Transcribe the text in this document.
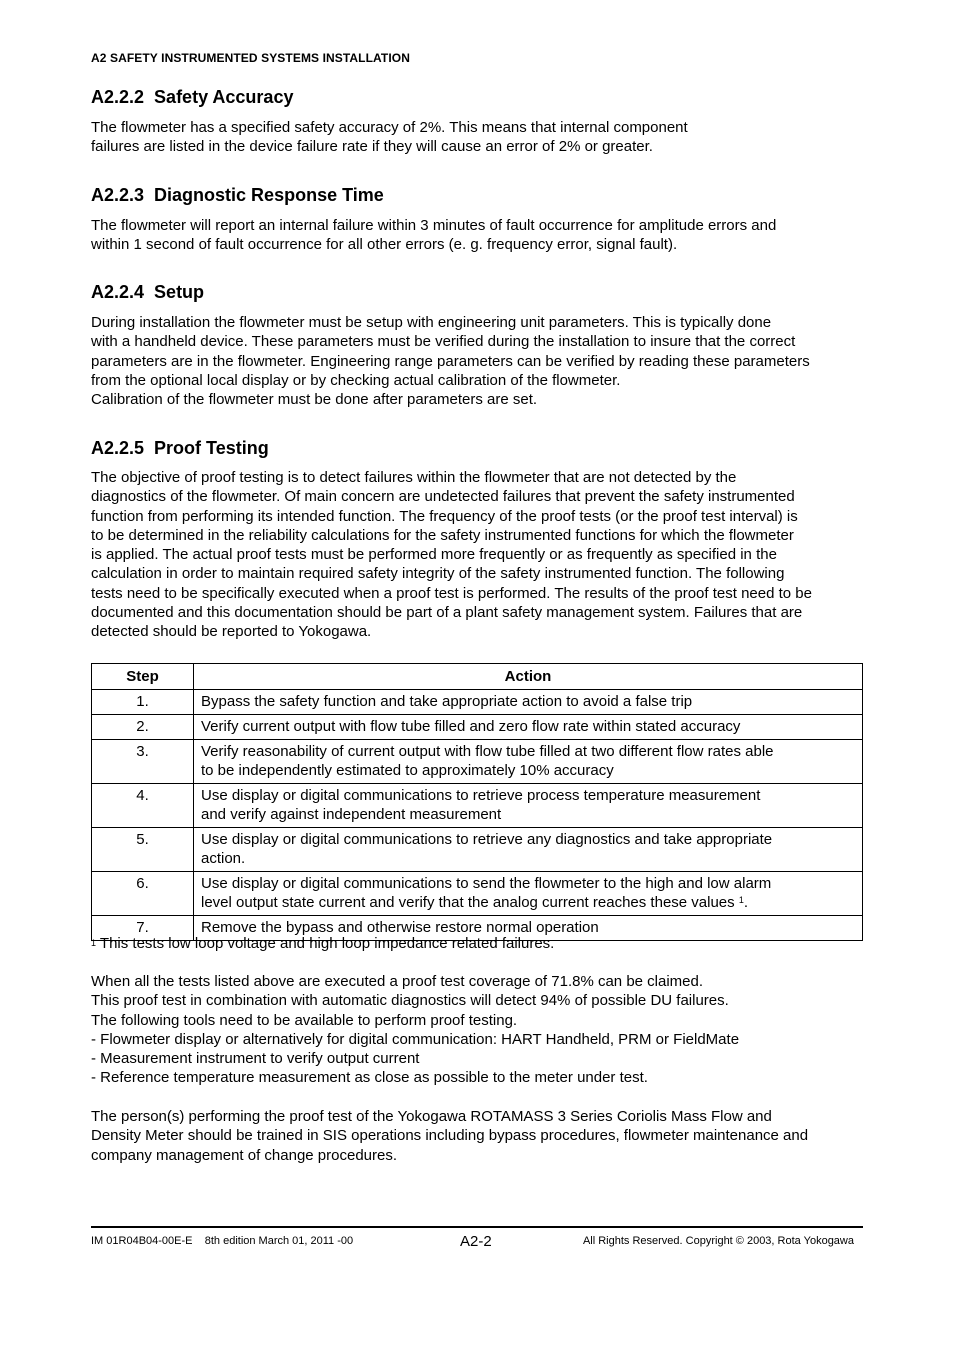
A2 SAFETY INSTRUMENTED SYSTEMS INSTALLATION
A2.2.2 Safety Accuracy

The flowmeter has a specified safety accuracy of 2%. This means that internal component
failures are listed in the device failure rate if they will cause an error of 2% or greater.

A2.2.3 Diagnostic Response Time

The flowmeter will report an internal failure within 3 minutes of fault occurrence for amplitude errors and
within 1 second of fault occurrence for all other errors (e. g. frequency error, signal fault).

A2.2.4 Setup

During installation the flowmeter must be setup with engineering unit parameters. This is typically done
with a handheld device. These parameters must be verified during the installation to insure that the correct
parameters are in the flowmeter. Engineering range parameters can be verified by reading these parameters
from the optional local display or by checking actual calibration of the flowmeter.
Calibration of the flowmeter must be done after parameters are set.

A2.2.5 Proof Testing

The objective of proof testing is to detect failures within the flowmeter that are not detected by the
diagnostics of the flowmeter. Of main concern are undetected failures that prevent the safety instrumented
function from performing its intended function. The frequency of the proof tests (or the proof test interval) is
to be determined in the reliability calculations for the safety instrumented functions for which the flowmeter
is applied. The actual proof tests must be performed more frequently or as frequently as specified in the
calculation in order to maintain required safety integrity of the safety instrumented function. The following
tests need to be specifically executed when a proof test is performed. The results of the proof test need to be
documented and this documentation should be part of a plant safety management system. Failures that are
detected should be reported to Yokogawa.

Step	Action
1.	Bypass the safety function and take appropriate action to avoid a false trip
2.	Verify current output with flow tube filled and zero flow rate within stated accuracy
3.	Verify reasonability of current output with flow tube filled at two different flow rates able
to be independently estimated to approximately 10% accuracy
4.	Use display or digital communications to retrieve process temperature measurement
and verify against independent measurement
5.	Use display or digital communications to retrieve any diagnostics and take appropriate
action.
6.	Use display or digital communications to send the flowmeter to the high and low alarm
level output state current and verify that the analog current reaches these values $^1$.
7.	Remove the bypass and otherwise restore normal operation
$^1$ This tests low loop voltage and high loop impedance related failures.

When all the tests listed above are executed a proof test coverage of 71.8% can be claimed.
This proof test in combination with automatic diagnostics will detect 94% of possible DU failures.
The following tools need to be available to perform proof testing.
- Flowmeter display or alternatively for digital communication: HART Handheld, PRM or FieldMate
- Measurement instrument to verify output current
- Reference temperature measurement as close as possible to the meter under test.

The person(s) performing the proof test of the Yokogawa ROTAMASS 3 Series Coriolis Mass Flow and
Density Meter should be trained in SIS operations including bypass procedures, flowmeter maintenance and
company management of change procedures.

IM 01R04B04-00E-E 8th edition March 01, 2011 -00	A2-2	All Rights Reserved. Copyright © 2003, Rota Yokogawa
